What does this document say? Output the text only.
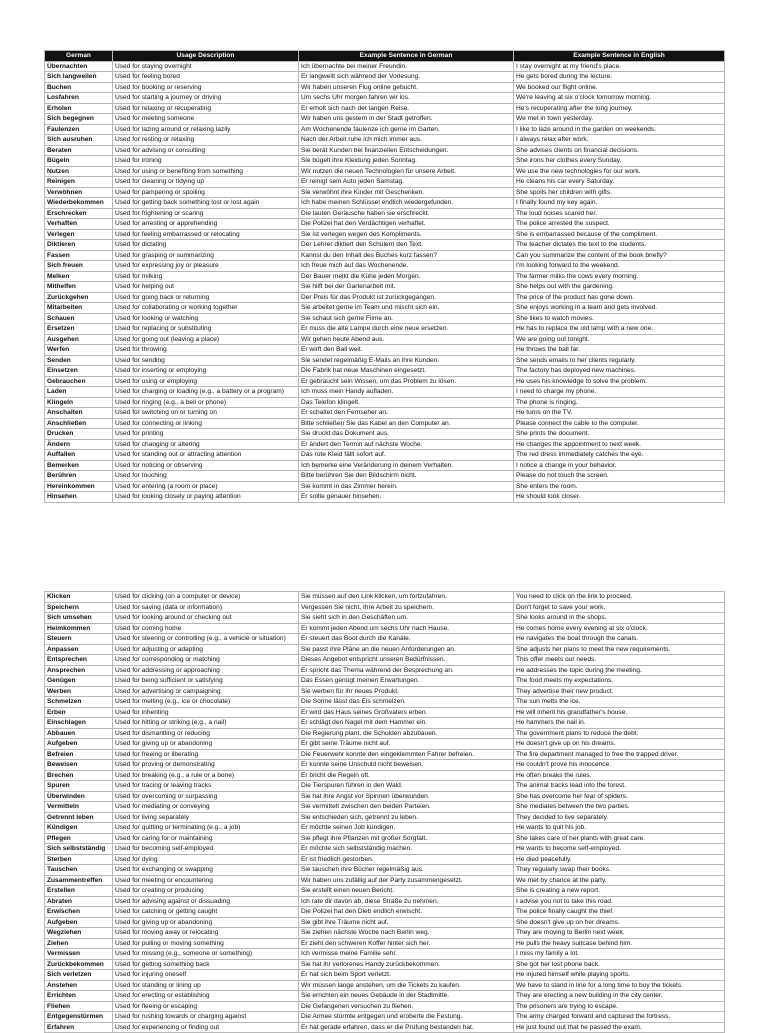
German	Usage Description	Example Sentence in German	Example Sentence in English
Übernachten	Used for staying overnight	Ich übernachte bei meiner Freundin.	I stay overnight at my friend's place.
Sich langweilen	Used for feeling bored	Er langweilt sich während der Vorlesung.	He gets bored during the lecture.
Buchen	Used for booking or reserving	Wir haben unseren Flug online gebucht.	We booked our flight online.
Losfahren	Used for starting a journey or driving	Um sechs Uhr morgen fahren wir los.	We're leaving at six o'clock tomorrow morning.
Erholen	Used for relaxing or recuperating	Er erholt sich nach der langen Reise.	He's recuperating after the long journey.
Sich begegnen	Used for meeting someone	Wir haben uns gestern in der Stadt getroffen.	We met in town yesterday.
Faulenzen	Used for lazing around or relaxing lazily	Am Wochenende faulenze ich gerne im Garten.	I like to laze around in the garden on weekends.
Sich ausruhen	Used for resting or relaxing	Nach der Arbeit ruhe ich mich immer aus.	I always relax after work.
Beraten	Used for advising or consulting	Sie berät Kunden bei finanziellen Entscheidungen.	She advises clients on financial decisions.
Bügeln	Used for ironing	Sie bügelt ihre Kleidung jeden Sonntag.	She irons her clothes every Sunday.
Nutzen	Used for using or benefiting from something	Wir nutzen die neuen Technologien für unsere Arbeit.	We use the new technologies for our work.
Reinigen	Used for cleaning or tidying up	Er reinigt sein Auto jeden Samstag.	He cleans his car every Saturday.
Verwöhnen	Used for pampering or spoiling	Sie verwöhnt ihre Kinder mit Geschenken.	She spoils her children with gifts.
Wiederbekommen	Used for getting back something lost or lost again	Ich habe meinen Schlüssel endlich wiedergefunden.	I finally found my key again.
Erschrecken	Used for frightening or scaring	Die lauten Geräusche haben sie erschreckt.	The loud noises scared her.
Verhaften	Used for arresting or apprehending	Die Polizei hat den Verdächtigen verhaftet.	The police arrested the suspect.
Verlegen	Used for feeling embarrassed or relocating	Sie ist verlegen wegen des Kompliments.	She is embarrassed because of the compliment.
Diktieren	Used for dictating	Der Lehrer diktiert den Schülern den Text.	The teacher dictates the text to the students.
Fassen	Used for grasping or summarizing	Kannst du den Inhalt des Buches kurz fassen?	Can you summarize the content of the book briefly?
Sich freuen	Used for expressing joy or pleasure	Ich freue mich auf das Wochenende.	I'm looking forward to the weekend.
Melken	Used for milking	Der Bauer melkt die Kühe jeden Morgen.	The farmer milks the cows every morning.
Mithelfen	Used for helping out	Sie hilft bei der Gartenarbeit mit.	She helps out with the gardening.
Zurückgehen	Used for going back or returning	Der Preis für das Produkt ist zurückgegangen.	The price of the product has gone down.
Mitarbeiten	Used for collaborating or working together	Sie arbeitet gerne im Team und mischt sich ein.	She enjoys working in a team and gets involved.
Schauen	Used for looking or watching	Sie schaut sich gerne Filme an.	She likes to watch movies.
Ersetzen	Used for replacing or substituting	Er muss die alte Lampe durch eine neue ersetzen.	He has to replace the old lamp with a new one.
Ausgehen	Used for going out (leaving a place)	Wir gehen heute Abend aus.	We are going out tonight.
Werfen	Used for throwing	Er wirft den Ball weit.	He throws the ball far.
Senden	Used for sending	Sie sendet regelmäßig E-Mails an ihre Kunden.	She sends emails to her clients regularly.
Einsetzen	Used for inserting or employing	Die Fabrik hat neue Maschinen eingesetzt.	The factory has deployed new machines.
Gebrauchen	Used for using or employing	Er gebraucht sein Wissen, um das Problem zu lösen.	He uses his knowledge to solve the problem.
Laden	Used for charging or loading (e.g., a battery or a program)	Ich muss mein Handy aufladen.	I need to charge my phone.
Klingeln	Used for ringing (e.g., a bell or phone)	Das Telefon klingelt.	The phone is ringing.
Anschalten	Used for switching on or turning on	Er schaltet den Fernseher an.	He turns on the TV.
Anschließen	Used for connecting or linking	Bitte schließen Sie das Kabel an den Computer an.	Please connect the cable to the computer.
Drucken	Used for printing	Sie druckt das Dokument aus.	She prints the document.
Ändern	Used for changing or altering	Er ändert den Termin auf nächste Woche.	He changes the appointment to next week.
Auffallen	Used for standing out or attracting attention	Das rote Kleid fällt sofort auf.	The red dress immediately catches the eye.
Bemerken	Used for noticing or observing	Ich bemerke eine Veränderung in deinem Verhalten.	I notice a change in your behavior.
Berühren	Used for touching	Bitte berühren Sie den Bildschirm nicht.	Please do not touch the screen.
Hereinkommen	Used for entering (a room or place)	Sie kommt in das Zimmer herein.	She enters the room.
Hinsehen	Used for looking closely or paying attention	Er sollte genauer hinsehen.	He should look closer.
Klicken	Used for clicking (on a computer or device)	Sie müssen auf den Link klicken, um fortzufahren.	You need to click on the link to proceed.
Speichern	Used for saving (data or information)	Vergessen Sie nicht, Ihre Arbeit zu speichern.	Don't forget to save your work.
Sich umsehen	Used for looking around or checking out	Sie sieht sich in den Geschäften um.	She looks around in the shops.
Heimkommen	Used for coming home	Er kommt jeden Abend um sechs Uhr nach Hause.	He comes home every evening at six o'clock.
Steuern	Used for steering or controlling (e.g., a vehicle or situation)	Er steuert das Boot durch die Kanäle.	He navigates the boat through the canals.
Anpassen	Used for adjusting or adapting	Sie passt ihre Pläne an die neuen Anforderungen an.	She adjusts her plans to meet the new requirements.
Entsprechen	Used for corresponding or matching	Dieses Angebot entspricht unseren Bedürfnissen.	This offer meets our needs.
Ansprechen	Used for addressing or approaching	Er spricht das Thema während der Besprechung an.	He addresses the topic during the meeting.
Genügen	Used for being sufficient or satisfying	Das Essen genügt meinen Erwartungen.	The food meets my expectations.
Werben	Used for advertising or campaigning	Sie werben für ihr neues Produkt.	They advertise their new product.
Schmelzen	Used for melting (e.g., ice or chocolate)	Die Sonne lässt das Eis schmelzen.	The sun melts the ice.
Erben	Used for inheriting	Er wird das Haus seines Großvaters erben.	He will inherit his grandfather's house.
Einschlagen	Used for hitting or striking (e.g., a nail)	Er schlägt den Nagel mit dem Hammer ein.	He hammers the nail in.
Abbauen	Used for dismantling or reducing	Die Regierung plant, die Schulden abzubauen.	The government plans to reduce the debt.
Aufgeben	Used for giving up or abandoning	Er gibt seine Träume nicht auf.	He doesn't give up on his dreams.
Befreien	Used for freeing or liberating	Die Feuerwehr konnte den eingeklemmten Fahrer befreien.	The fire department managed to free the trapped driver.
Beweisen	Used for proving or demonstrating	Er konnte seine Unschuld nicht beweisen.	He couldn't prove his innocence.
Brechen	Used for breaking (e.g., a rule or a bone)	Er bricht die Regeln oft.	He often breaks the rules.
Spuren	Used for tracing or leaving tracks	Die Tierspuren führen in den Wald.	The animal tracks lead into the forest.
Überwinden	Used for overcoming or surpassing	Sie hat ihre Angst vor Spinnen überwunden.	She has overcome her fear of spiders.
Vermitteln	Used for mediating or conveying	Sie vermittelt zwischen den beiden Parteien.	She mediates between the two parties.
Getrennt leben	Used for living separately	Sie entschieden sich, getrennt zu leben.	They decided to live separately.
Kündigen	Used for quitting or terminating (e.g., a job)	Er möchte seinen Job kündigen.	He wants to quit his job.
Pflegen	Used for caring for or maintaining	Sie pflegt ihre Pflanzen mit großer Sorgfalt.	She takes care of her plants with great care.
Sich selbstständig	Used for becoming self-employed	Er möchte sich selbstständig machen.	He wants to become self-employed.
Sterben	Used for dying	Er ist friedlich gestorben.	He died peacefully.
Tauschen	Used for exchanging or swapping	Sie tauschen ihre Bücher regelmäßig aus.	They regularly swap their books.
Zusammentreffen	Used for meeting or encountering	Wir haben uns zufällig auf der Party zusammengesetzt.	We met by chance at the party.
Erstellen	Used for creating or producing	Sie erstellt einen neuen Bericht.	She is creating a new report.
Abraten	Used for advising against or dissuading	Ich rate dir davon ab, diese Straße zu nehmen.	I advise you not to take this road.
Erwischen	Used for catching or getting caught	Die Polizei hat den Dieb endlich erwischt.	The police finally caught the thief.
Aufgeben	Used for giving up or abandoning	Sie gibt ihre Träume nicht auf.	She doesn't give up on her dreams.
Wegziehen	Used for moving away or relocating	Sie ziehen nächste Woche nach Berlin weg.	They are moving to Berlin next week.
Ziehen	Used for pulling or moving something	Er zieht den schweren Koffer hinter sich her.	He pulls the heavy suitcase behind him.
Vermissen	Used for missing (e.g., someone or something)	Ich vermisse meine Familie sehr.	I miss my family a lot.
Zurückbekommen	Used for getting something back	Sie hat ihr verlorenes Handy zurückbekommen.	She got her lost phone back.
Sich verletzen	Used for injuring oneself	Er hat sich beim Sport verletzt.	He injured himself while playing sports.
Anstehen	Used for standing or lining up	Wir müssen lange anstehen, um die Tickets zu kaufen.	We have to stand in line for a long time to buy the tickets.
Errichten	Used for erecting or establishing	Sie errichten ein neues Gebäude in der Stadtmitte.	They are erecting a new building in the city center.
Fliehen	Used for fleeing or escaping	Die Gefangenen versuchen zu fliehen.	The prisoners are trying to escape.
Entgegenstürmen	Used for rushing towards or charging against	Die Armee stürmte entgegen und eroberte die Festung.	The army charged forward and captured the fortress.
Erfahren	Used for experiencing or finding out	Er hat gerade erfahren, dass er die Prüfung bestanden hat.	He just found out that he passed the exam.
